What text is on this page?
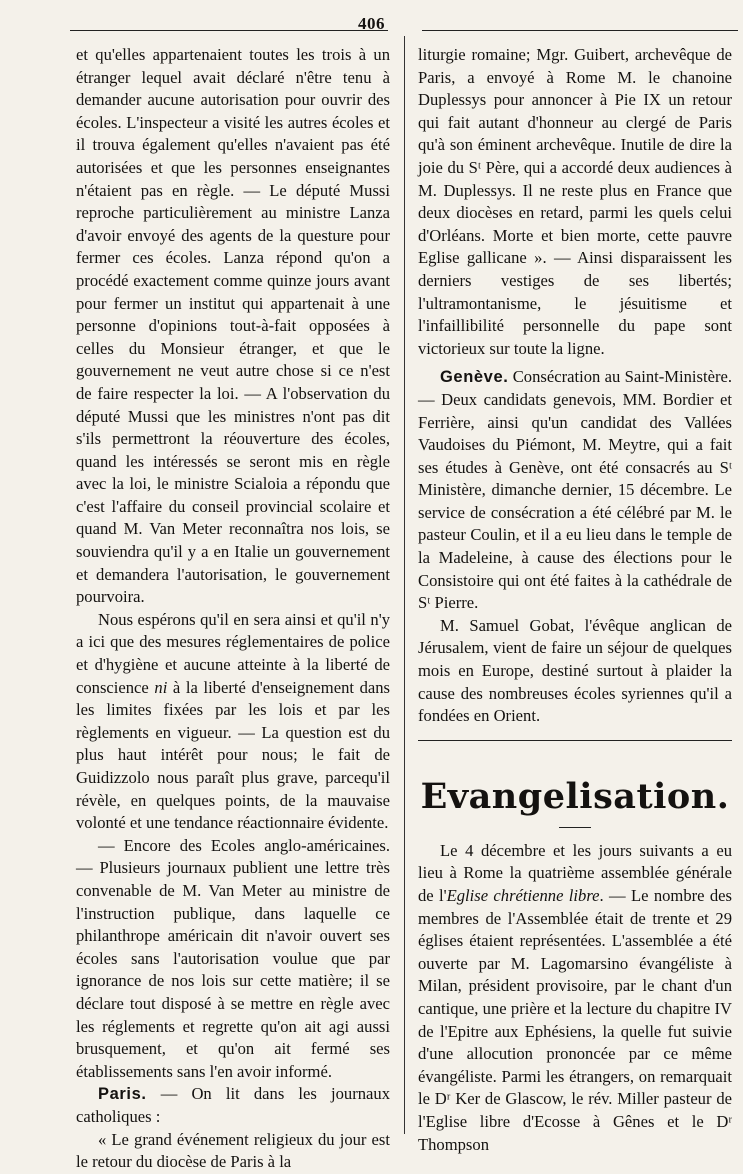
406

et qu'elles appartenaient toutes les trois à un étranger lequel avait déclaré n'être tenu à demander aucune autorisation pour ouvrir des écoles. L'inspecteur a visité les autres écoles et il trouva également qu'elles n'avaient pas été autorisées et que les personnes enseignantes n'étaient pas en règle. — Le député Mussi reproche particulièrement au ministre Lanza d'avoir envoyé des agents de la questure pour fermer ces écoles. Lanza répond qu'on a procédé exactement comme quinze jours avant pour fermer un institut qui appartenait à une personne d'opinions tout-à-fait opposées à celles du Monsieur étranger, et que le gouvernement ne veut autre chose si ce n'est de faire respecter la loi. — A l'observation du député Mussi que les ministres n'ont pas dit s'ils permettront la réouverture des écoles, quand les intéressés se seront mis en règle avec la loi, le ministre Scialoia a répondu que c'est l'affaire du conseil provincial scolaire et quand M. Van Meter reconnaîtra nos lois, se souviendra qu'il y a en Italie un gouvernement et demandera l'autorisation, le gouvernement pourvoira.

Nous espérons qu'il en sera ainsi et qu'il n'y a ici que des mesures réglementaires de police et d'hygiène et aucune atteinte à la liberté de conscience ni à la liberté d'enseignement dans les limites fixées par les lois et par les règlements en vigueur. — La question est du plus haut intérêt pour nous; le fait de Guidizzolo nous paraît plus grave, parcequ'il révèle, en quelques points, de la mauvaise volonté et une tendance réactionnaire évidente.

— Encore des Ecoles anglo-américaines. — Plusieurs journaux publient une lettre très convenable de M. Van Meter au ministre de l'instruction publique, dans laquelle ce philanthrope américain dit n'avoir ouvert ses écoles sans l'autorisation voulue que par ignorance de nos lois sur cette matière; il se déclare tout disposé à se mettre en règle avec les réglements et regrette qu'on ait agi aussi brusquement, et qu'on ait fermé ses établissements sans l'en avoir informé.

Paris. — On lit dans les journaux catholiques :

« Le grand événement religieux du jour est le retour du diocèse de Paris à la

liturgie romaine; Mgr. Guibert, archevêque de Paris, a envoyé à Rome M. le chanoine Duplessys pour annoncer à Pie IX un retour qui fait autant d'honneur au clergé de Paris qu'à son éminent archevêque. Inutile de dire la joie du Sᵗ Père, qui a accordé deux audiences à M. Duplessys. Il ne reste plus en France que deux diocèses en retard, parmi les quels celui d'Orléans. Morte et bien morte, cette pauvre Eglise gallicane ». — Ainsi disparaissent les derniers vestiges de ses libertés; l'ultramontanisme, le jésuitisme et l'infaillibilité personnelle du pape sont victorieux sur toute la ligne.

Genève. Consécration au Saint-Ministère. — Deux candidats genevois, MM. Bordier et Ferrière, ainsi qu'un candidat des Vallées Vaudoises du Piémont, M. Meytre, qui a fait ses études à Genève, ont été consacrés au Sᵗ Ministère, dimanche dernier, 15 décembre. Le service de consécration a été célébré par M. le pasteur Coulin, et il a eu lieu dans le temple de la Madeleine, à cause des élections pour le Consistoire qui ont été faites à la cathédrale de Sᵗ Pierre.

M. Samuel Gobat, l'évêque anglican de Jérusalem, vient de faire un séjour de quelques mois en Europe, destiné surtout à plaider la cause des nombreuses écoles syriennes qu'il a fondées en Orient.

Evangelisation.

Le 4 décembre et les jours suivants a eu lieu à Rome la quatrième assemblée générale de l'Eglise chrétienne libre. — Le nombre des membres de l'Assemblée était de trente et 29 églises étaient représentées. L'assemblée a été ouverte par M. Lagomarsino évangéliste à Milan, président provisoire, par le chant d'un cantique, une prière et la lecture du chapitre IV de l'Epitre aux Ephésiens, la quelle fut suivie d'une allocution prononcée par ce même évangéliste. Parmi les étrangers, on remarquait le Dʳ Ker de Glascow, le rév. Miller pasteur de l'Eglise libre d'Ecosse à Gênes et le Dʳ Thompson
